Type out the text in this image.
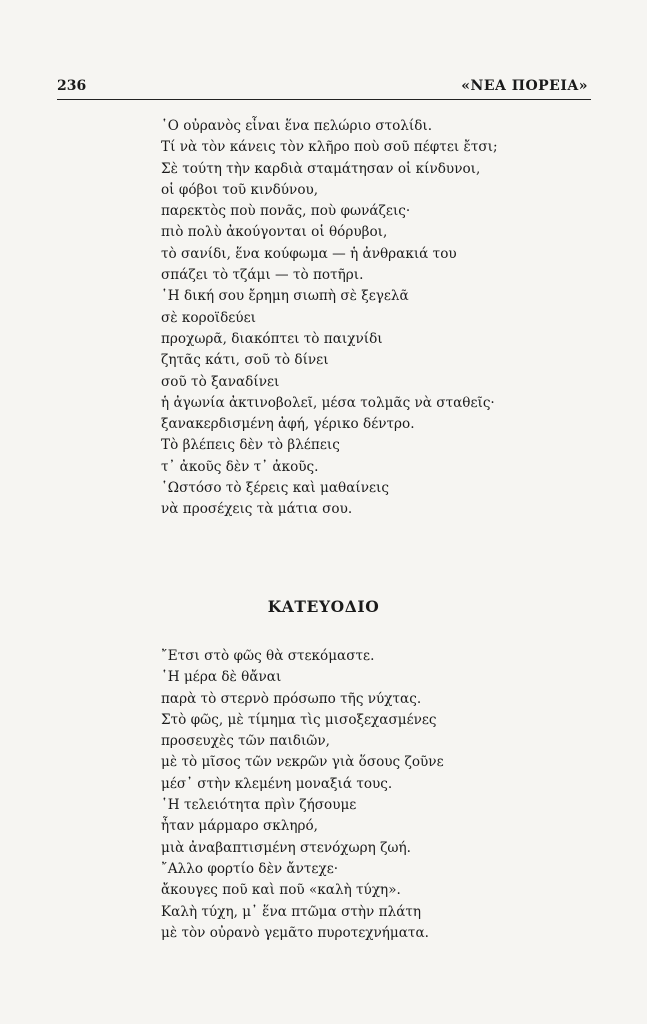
236	«ΝΕΑ ΠΟΡΕΙΑ»
῾Ο οὐρανὸς εἶναι ἕνα πελώριο στολίδι.
Τί νὰ τὸν κάνεις τὸν κλῆρο ποὺ σοῦ πέφτει ἔτσι;
Σὲ τούτη τὴν καρδιὰ σταμάτησαν οἱ κίνδυνοι,
οἱ φόβοι τοῦ κινδύνου,
παρεκτὸς ποὺ πονᾶς, ποὺ φωνάζεις·
πιὸ πολὺ ἀκούγονται οἱ θόρυβοι,
τὸ σανίδι, ἕνα κούφωμα — ἡ ἀνθρακιά του
σπάζει τὸ τζάμι — τὸ ποτῆρι.
῾Η δική σου ἔρημη σιωπὴ σὲ ξεγελᾶ
σὲ κοροϊδεύει
προχωρᾶ, διακόπτει τὸ παιχνίδι
ζητᾶς κάτι, σοῦ τὸ δίνει
σοῦ τὸ ξαναδίνει
ἡ ἀγωνία ἀκτινοβολεῖ, μέσα τολμᾶς νὰ σταθεῖς·
ξανακερδισμένη ἀφή, γέρικο δέντρο.
Τὸ βλέπεις δὲν τὸ βλέπεις
τ᾽ ἀκοῦς δὲν τ᾽ ἀκοῦς.
῾Ωστόσο τὸ ξέρεις καὶ μαθαίνεις
νὰ προσέχεις τὰ μάτια σου.
ΚΑΤΕΥΟΔΙΟ
῎Ετσι στὸ φῶς θὰ στεκόμαστε.
῾Η μέρα δὲ θἄναι
παρὰ τὸ στερνὸ πρόσωπο τῆς νύχτας.
Στὸ φῶς, μὲ τίμημα τὶς μισοξεχασμένες
προσευχὲς τῶν παιδιῶν,
μὲ τὸ μῖσος τῶν νεκρῶν γιὰ ὅσους ζοῦνε
μέσ᾽ στὴν κλεμένη μοναξιά τους.
῾Η τελειότητα πρὶν ζήσουμε
ἦταν μάρμαρο σκληρό,
μιὰ ἀναβαπτισμένη στενόχωρη ζωή.
῎Αλλο φορτίο δὲν ἄντεχε·
ἄκουγες ποῦ καὶ ποῦ «καλὴ τύχη».
Καλὴ τύχη, μ᾽ ἕνα πτῶμα στὴν πλάτη
μὲ τὸν οὐρανὸ γεμᾶτο πυροτεχνήματα.
